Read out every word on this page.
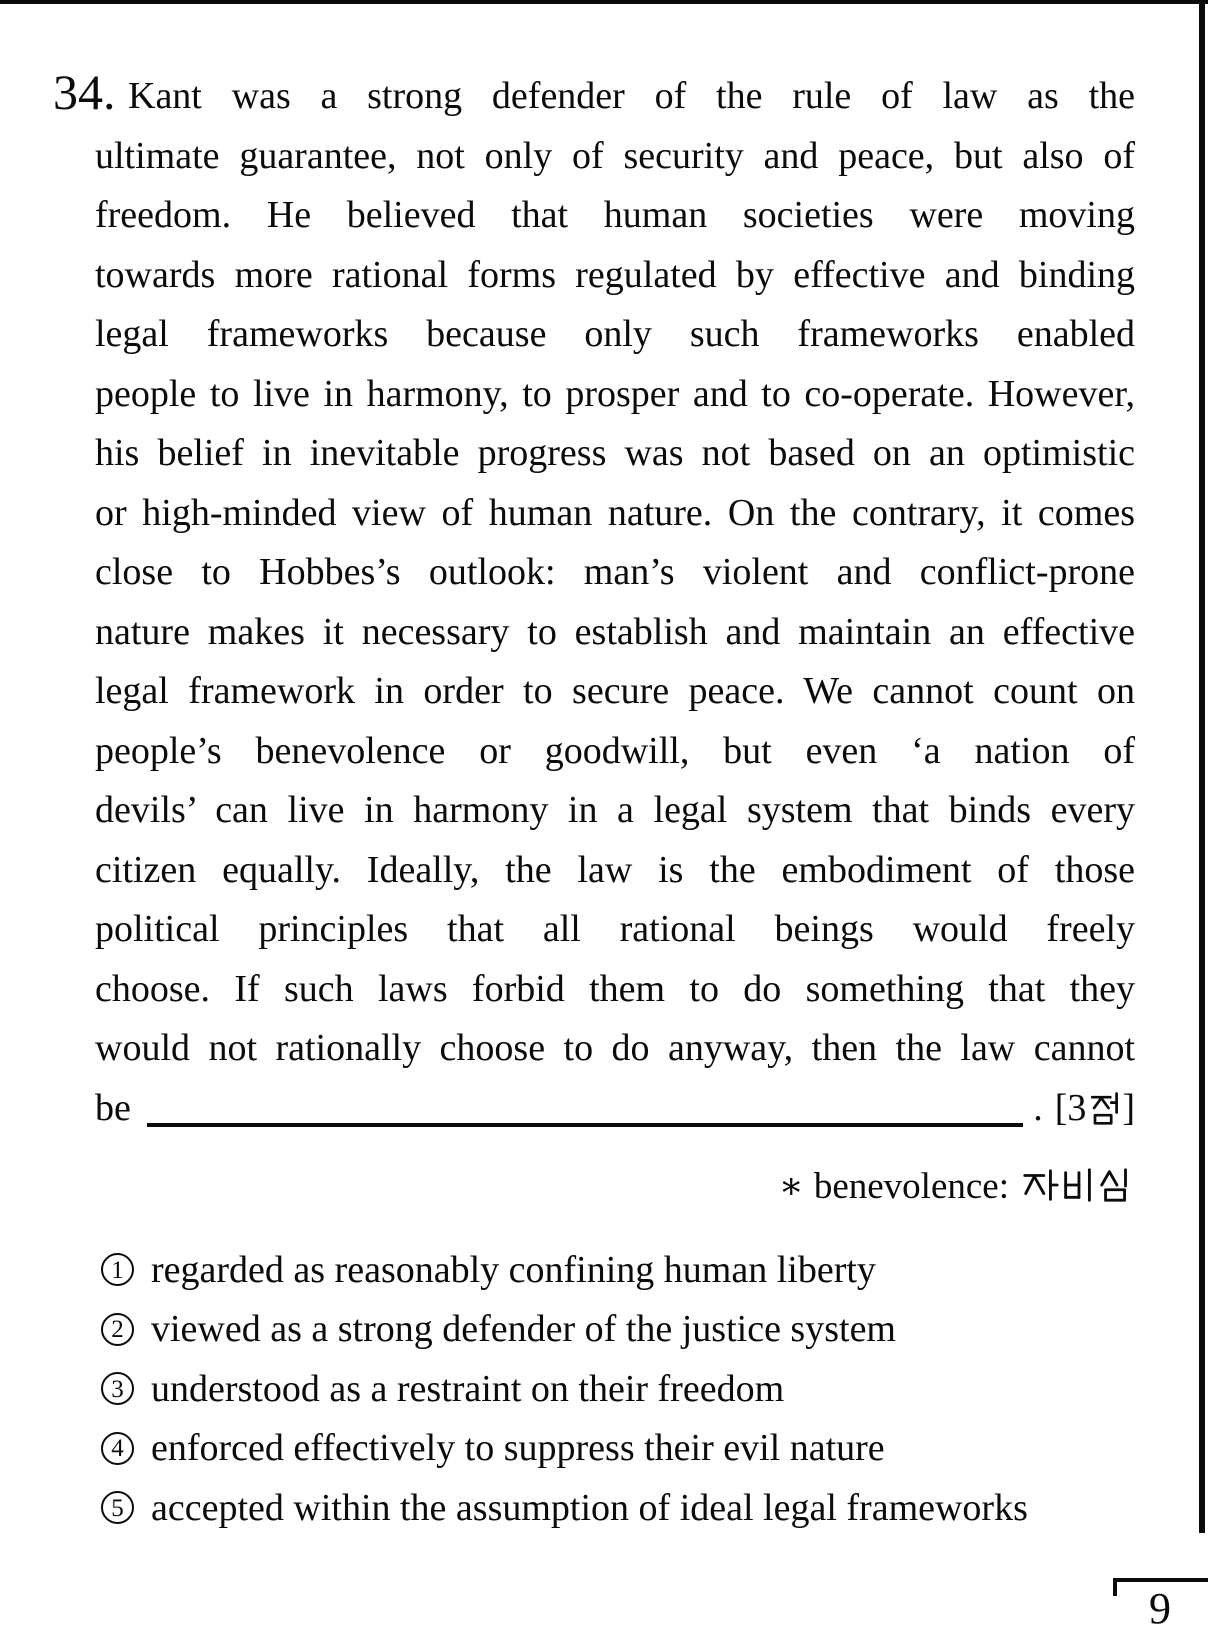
34. Kant was a strong defender of the rule of law as the
ultimate guarantee, not only of security and peace, but also of
freedom. He believed that human societies were moving
towards more rational forms regulated by effective and binding
legal frameworks because only such frameworks enabled
people to live in harmony, to prosper and to co-operate. However,
his belief in inevitable progress was not based on an optimistic
or high-minded view of human nature. On the contrary, it comes
close to Hobbes’s outlook: man’s violent and conflict-prone
nature makes it necessary to establish and maintain an effective
legal framework in order to secure peace. We cannot count on
people’s benevolence or goodwill, but even ‘a nation of
devils’ can live in harmony in a legal system that binds every
citizen equally. Ideally, the law is the embodiment of those
political principles that all rational beings would freely
choose. If such laws forbid them to do something that they
would not rationally choose to do anyway, then the law cannot
be	. [3 ]
∗ benevolence:
1 regarded as reasonably confining human liberty
2 viewed as a strong defender of the justice system
3 understood as a restraint on their freedom
4 enforced effectively to suppress their evil nature
5 accepted within the assumption of ideal legal frameworks
9
